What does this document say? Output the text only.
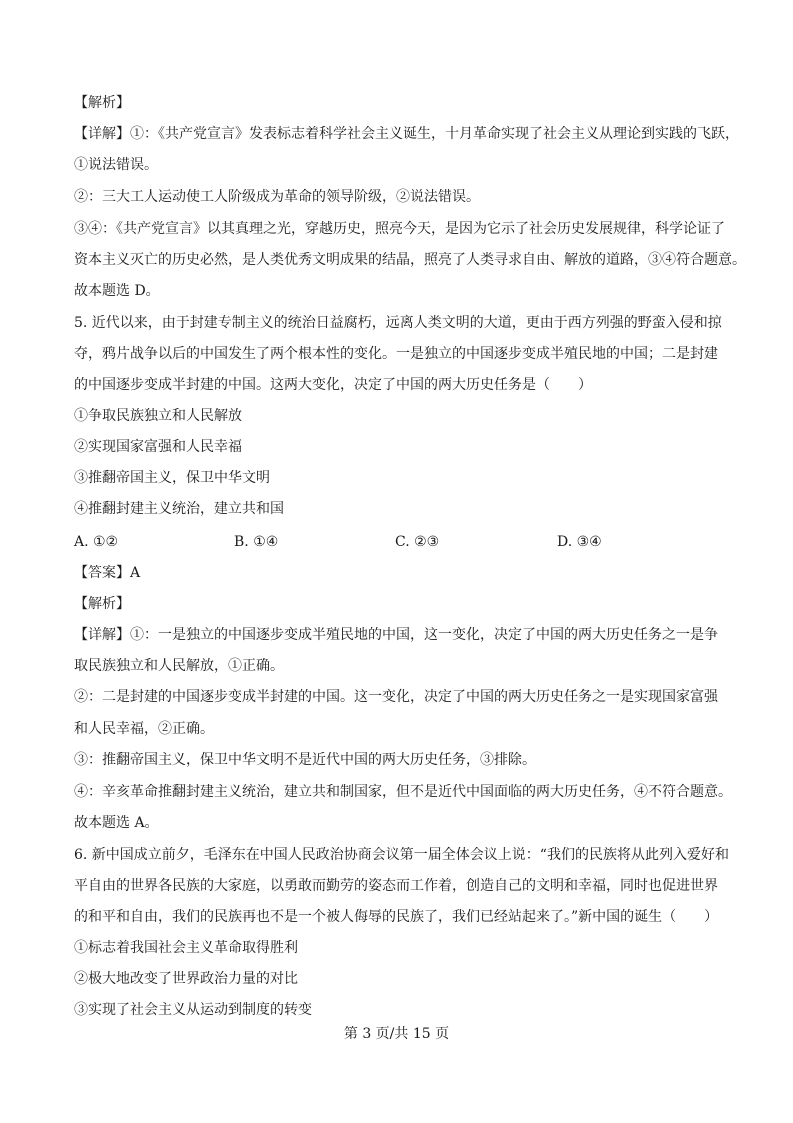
【解析】
【详解】①：《共产党宣言》发表标志着科学社会主义诞生，十月革命实现了社会主义从理论到实践的飞跃，
①说法错误。
②：三大工人运动使工人阶级成为革命的领导阶级，②说法错误。
③④：《共产党宣言》以其真理之光，穿越历史，照亮今天，是因为它示了社会历史发展规律，科学论证了
资本主义灭亡的历史必然，是人类优秀文明成果的结晶，照亮了人类寻求自由、解放的道路，③④符合题意。
故本题选 D。
5. 近代以来，由于封建专制主义的统治日益腐朽，远离人类文明的大道，更由于西方列强的野蛮入侵和掠
夺，鸦片战争以后的中国发生了两个根本性的变化。一是独立的中国逐步变成半殖民地的中国；二是封建
的中国逐步变成半封建的中国。这两大变化，决定了中国的两大历史任务是（　　）
①争取民族独立和人民解放
②实现国家富强和人民幸福
③推翻帝国主义，保卫中华文明
④推翻封建主义统治，建立共和国
A. ①②	B. ①④	C. ②③	D. ③④
【答案】A
【解析】
【详解】①：一是独立的中国逐步变成半殖民地的中国，这一变化，决定了中国的两大历史任务之一是争
取民族独立和人民解放，①正确。
②：二是封建的中国逐步变成半封建的中国。这一变化，决定了中国的两大历史任务之一是实现国家富强
和人民幸福，②正确。
③：推翻帝国主义，保卫中华文明不是近代中国的两大历史任务，③排除。
④：辛亥革命推翻封建主义统治，建立共和制国家，但不是近代中国面临的两大历史任务，④不符合题意。
故本题选 A。
6. 新中国成立前夕，毛泽东在中国人民政治协商会议第一届全体会议上说：“我们的民族将从此列入爱好和
平自由的世界各民族的大家庭，以勇敢而勤劳的姿态而工作着，创造自己的文明和幸福，同时也促进世界
的和平和自由，我们的民族再也不是一个被人侮辱的民族了，我们已经站起来了。”新中国的诞生（　　）
①标志着我国社会主义革命取得胜利
②极大地改变了世界政治力量的对比
③实现了社会主义从运动到制度的转变
第 3 页/共 15 页
